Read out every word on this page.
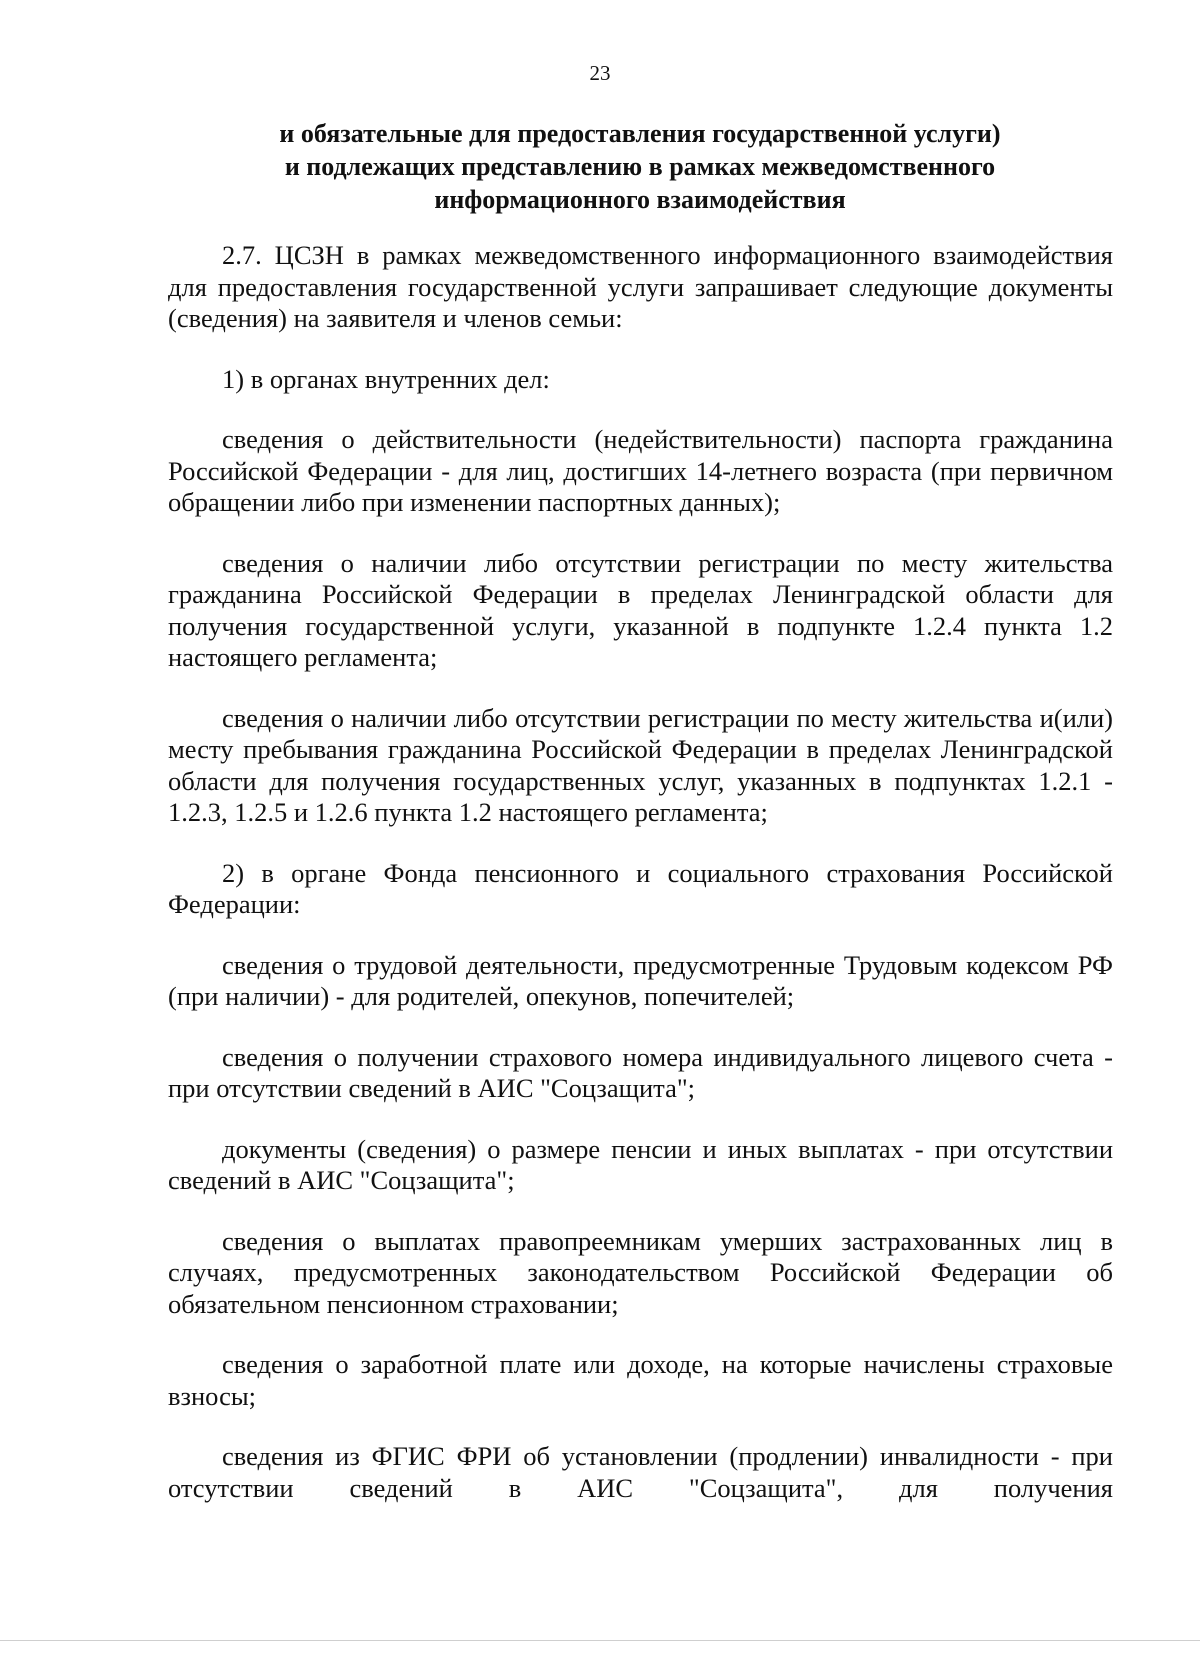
23
и обязательные для предоставления государственной услуги)
и подлежащих представлению в рамках межведомственного
информационного взаимодействия

2.7. ЦСЗН в рамках межведомственного информационного взаимодействия для предоставления государственной услуги запрашивает следующие документы (сведения) на заявителя и членов семьи:

1) в органах внутренних дел:

сведения о действительности (недействительности) паспорта гражданина Российской Федерации - для лиц, достигших 14-летнего возраста (при первичном обращении либо при изменении паспортных данных);

сведения о наличии либо отсутствии регистрации по месту жительства гражданина Российской Федерации в пределах Ленинградской области для получения государственной услуги, указанной в подпункте 1.2.4 пункта 1.2 настоящего регламента;

сведения о наличии либо отсутствии регистрации по месту жительства и(или) месту пребывания гражданина Российской Федерации в пределах Ленинградской области для получения государственных услуг, указанных в подпунктах 1.2.1 - 1.2.3, 1.2.5 и 1.2.6 пункта 1.2 настоящего регламента;

2) в органе Фонда пенсионного и социального страхования Российской Федерации:

сведения о трудовой деятельности, предусмотренные Трудовым кодексом РФ (при наличии) - для родителей, опекунов, попечителей;

сведения о получении страхового номера индивидуального лицевого счета - при отсутствии сведений в АИС "Соцзащита";

документы (сведения) о размере пенсии и иных выплатах - при отсутствии сведений в АИС "Соцзащита";

сведения о выплатах правопреемникам умерших застрахованных лиц в случаях, предусмотренных законодательством Российской Федерации об обязательном пенсионном страховании;

сведения о заработной плате или доходе, на которые начислены страховые взносы;

сведения из ФГИС ФРИ об установлении (продлении) инвалидности - при отсутствии сведений в АИС "Соцзащита", для получения
